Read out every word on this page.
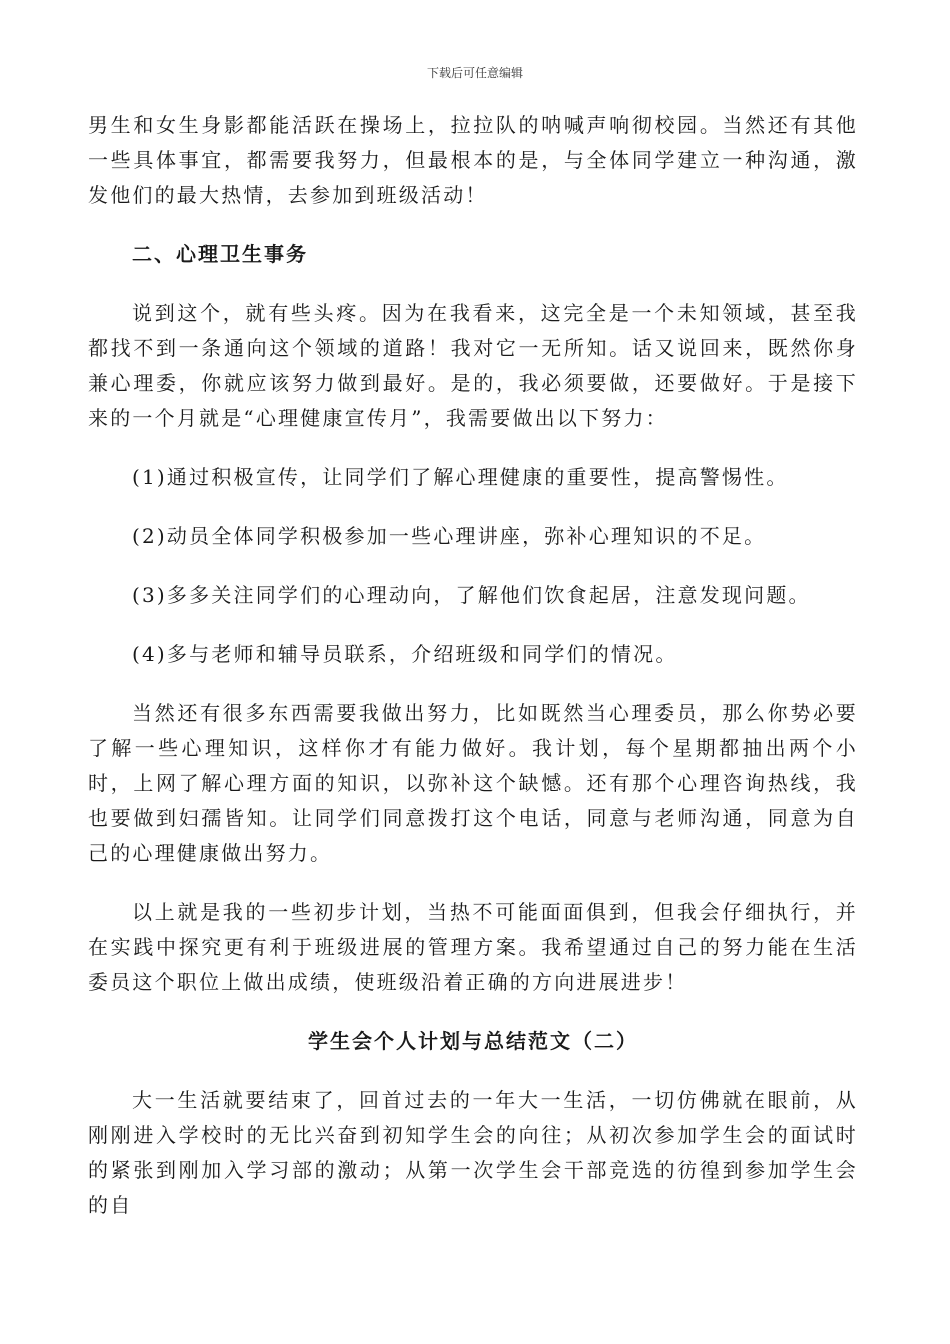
下载后可任意编辑

男生和女生身影都能活跃在操场上，拉拉队的呐喊声响彻校园。当然还有其他一些具体事宜，都需要我努力，但最根本的是，与全体同学建立一种沟通，激发他们的最大热情，去参加到班级活动！

二、心理卫生事务

说到这个，就有些头疼。因为在我看来，这完全是一个未知领域，甚至我都找不到一条通向这个领域的道路！我对它一无所知。话又说回来，既然你身兼心理委，你就应该努力做到最好。是的，我必须要做，还要做好。于是接下来的一个月就是“心理健康宣传月”，我需要做出以下努力：

(1)通过积极宣传，让同学们了解心理健康的重要性，提高警惕性。

(2)动员全体同学积极参加一些心理讲座，弥补心理知识的不足。

(3)多多关注同学们的心理动向，了解他们饮食起居，注意发现问题。

(4)多与老师和辅导员联系，介绍班级和同学们的情况。

当然还有很多东西需要我做出努力，比如既然当心理委员，那么你势必要了解一些心理知识，这样你才有能力做好。我计划，每个星期都抽出两个小时，上网了解心理方面的知识，以弥补这个缺憾。还有那个心理咨询热线，我也要做到妇孺皆知。让同学们同意拨打这个电话，同意与老师沟通，同意为自己的心理健康做出努力。

以上就是我的一些初步计划，当热不可能面面俱到，但我会仔细执行，并在实践中探究更有利于班级进展的管理方案。我希望通过自己的努力能在生活委员这个职位上做出成绩，使班级沿着正确的方向进展进步！

学生会个人计划与总结范文（二）

大一生活就要结束了，回首过去的一年大一生活，一切仿佛就在眼前，从刚刚进入学校时的无比兴奋到初知学生会的向往；从初次参加学生会的面试时的紧张到刚加入学习部的激动；从第一次学生会干部竞选的彷徨到参加学生会的自
